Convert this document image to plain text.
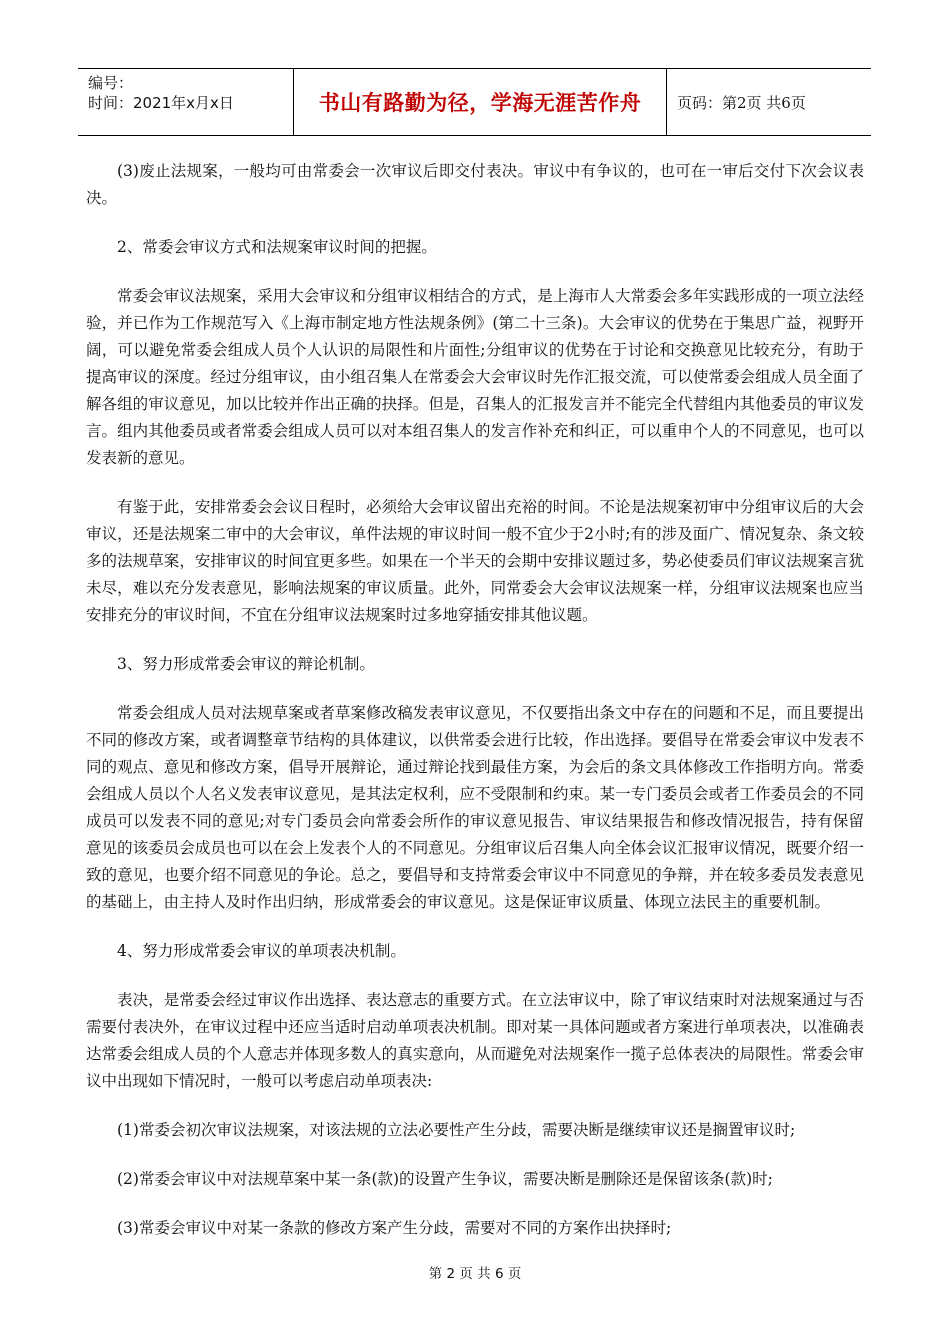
编号：
时间：2021年x月x日	书山有路勤为径，学海无涯苦作舟	页码：第2页 共6页

(3)废止法规案，一般均可由常委会一次审议后即交付表决。审议中有争议的，也可在一审后交付下次会议表决。

2、常委会审议方式和法规案审议时间的把握。

常委会审议法规案，采用大会审议和分组审议相结合的方式，是上海市人大常委会多年实践形成的一项立法经验，并已作为工作规范写入《上海市制定地方性法规条例》(第二十三条)。大会审议的优势在于集思广益，视野开阔，可以避免常委会组成人员个人认识的局限性和片面性;分组审议的优势在于讨论和交换意见比较充分，有助于提高审议的深度。经过分组审议，由小组召集人在常委会大会审议时先作汇报交流，可以使常委会组成人员全面了解各组的审议意见，加以比较并作出正确的抉择。但是，召集人的汇报发言并不能完全代替组内其他委员的审议发言。组内其他委员或者常委会组成人员可以对本组召集人的发言作补充和纠正，可以重申个人的不同意见，也可以发表新的意见。

有鉴于此，安排常委会会议日程时，必须给大会审议留出充裕的时间。不论是法规案初审中分组审议后的大会审议，还是法规案二审中的大会审议，单件法规的审议时间一般不宜少于2小时;有的涉及面广、情况复杂、条文较多的法规草案，安排审议的时间宜更多些。如果在一个半天的会期中安排议题过多，势必使委员们审议法规案言犹未尽，难以充分发表意见，影响法规案的审议质量。此外，同常委会大会审议法规案一样，分组审议法规案也应当安排充分的审议时间，不宜在分组审议法规案时过多地穿插安排其他议题。

3、努力形成常委会审议的辩论机制。

常委会组成人员对法规草案或者草案修改稿发表审议意见，不仅要指出条文中存在的问题和不足，而且要提出不同的修改方案，或者调整章节结构的具体建议，以供常委会进行比较，作出选择。要倡导在常委会审议中发表不同的观点、意见和修改方案，倡导开展辩论，通过辩论找到最佳方案，为会后的条文具体修改工作指明方向。常委会组成人员以个人名义发表审议意见，是其法定权利，应不受限制和约束。某一专门委员会或者工作委员会的不同成员可以发表不同的意见;对专门委员会向常委会所作的审议意见报告、审议结果报告和修改情况报告，持有保留意见的该委员会成员也可以在会上发表个人的不同意见。分组审议后召集人向全体会议汇报审议情况，既要介绍一致的意见，也要介绍不同意见的争论。总之，要倡导和支持常委会审议中不同意见的争辩，并在较多委员发表意见的基础上，由主持人及时作出归纳，形成常委会的审议意见。这是保证审议质量、体现立法民主的重要机制。

4、努力形成常委会审议的单项表决机制。

表决，是常委会经过审议作出选择、表达意志的重要方式。在立法审议中，除了审议结束时对法规案通过与否需要付表决外，在审议过程中还应当适时启动单项表决机制。即对某一具体问题或者方案进行单项表决，以准确表达常委会组成人员的个人意志并体现多数人的真实意向，从而避免对法规案作一揽子总体表决的局限性。常委会审议中出现如下情况时，一般可以考虑启动单项表决:

(1)常委会初次审议法规案，对该法规的立法必要性产生分歧，需要决断是继续审议还是搁置审议时;

(2)常委会审议中对法规草案中某一条(款)的设置产生争议，需要决断是删除还是保留该条(款)时;

(3)常委会审议中对某一条款的修改方案产生分歧，需要对不同的方案作出抉择时;

第 2 页 共 6 页
